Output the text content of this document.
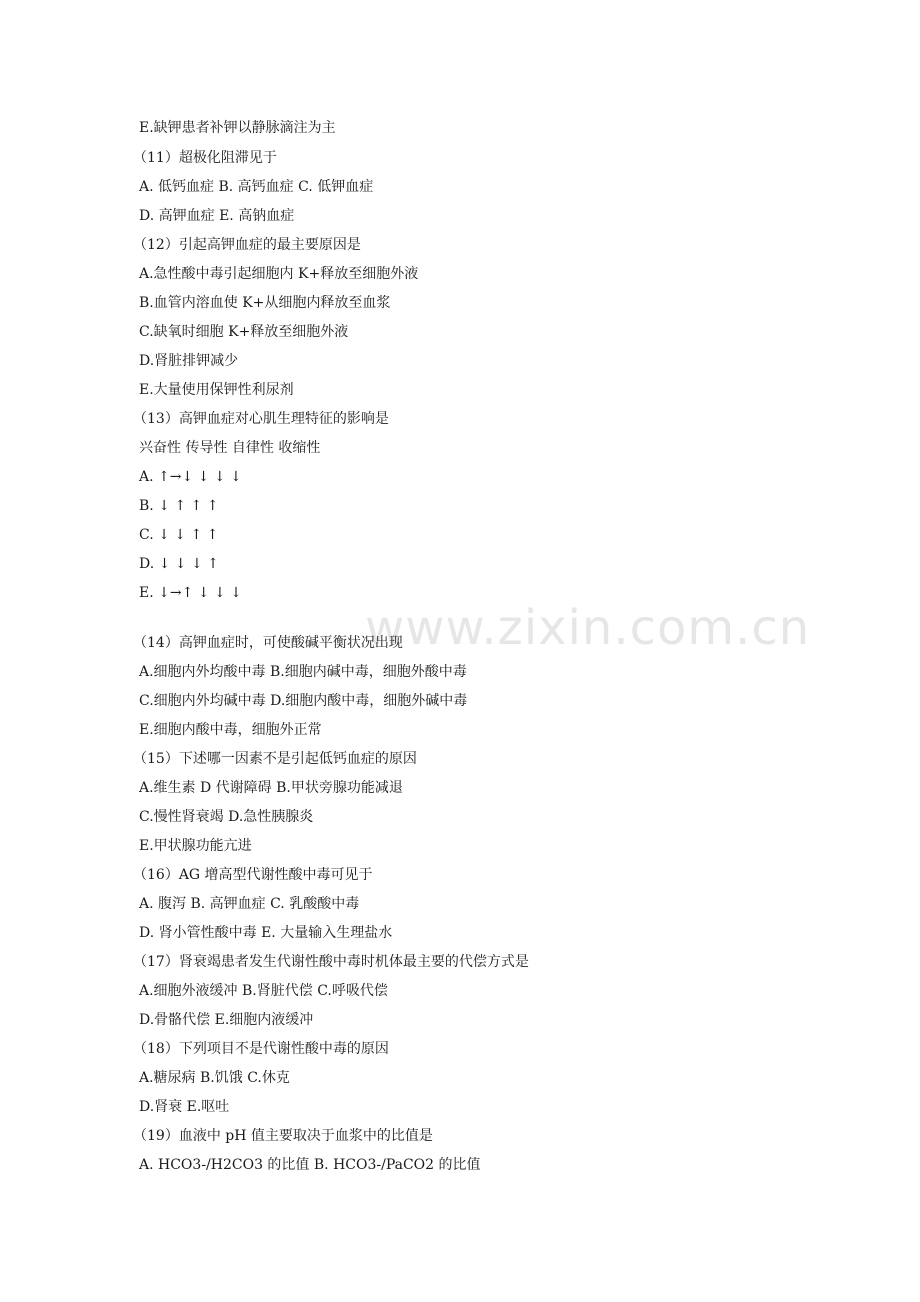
www.zixin.com.cn
E.缺钾患者补钾以静脉滴注为主
（11）超极化阻滞见于
A. 低钙血症 B. 高钙血症 C. 低钾血症
D. 高钾血症 E. 高钠血症
（12）引起高钾血症的最主要原因是
A.急性酸中毒引起细胞内 K+释放至细胞外液
B.血管内溶血使 K+从细胞内释放至血浆
C.缺氧时细胞 K+释放至细胞外液
D.肾脏排钾减少
E.大量使用保钾性利尿剂
（13）高钾血症对心肌生理特征的影响是
兴奋性 传导性 自律性 收缩性
A. ↑→↓ ↓ ↓ ↓
B. ↓ ↑ ↑ ↑
C. ↓ ↓ ↑ ↑
D. ↓ ↓ ↓ ↑
E. ↓→↑ ↓ ↓ ↓
（14）高钾血症时，可使酸碱平衡状况出现
A.细胞内外均酸中毒 B.细胞内碱中毒，细胞外酸中毒
C.细胞内外均碱中毒 D.细胞内酸中毒，细胞外碱中毒
E.细胞内酸中毒，细胞外正常
（15）下述哪一因素不是引起低钙血症的原因
A.维生素 D 代谢障碍 B.甲状旁腺功能减退
C.慢性肾衰竭 D.急性胰腺炎
E.甲状腺功能亢进
（16）AG 增高型代谢性酸中毒可见于
A. 腹泻 B. 高钾血症 C. 乳酸酸中毒
D. 肾小管性酸中毒 E. 大量输入生理盐水
（17）肾衰竭患者发生代谢性酸中毒时机体最主要的代偿方式是
A.细胞外液缓冲 B.肾脏代偿 C.呼吸代偿
D.骨骼代偿 E.细胞内液缓冲
（18）下列项目不是代谢性酸中毒的原因
A.糖尿病 B.饥饿 C.休克
D.肾衰 E.呕吐
（19）血液中 pH 值主要取决于血浆中的比值是
A. HCO3-/H2CO3 的比值 B. HCO3-/PaCO2 的比值
